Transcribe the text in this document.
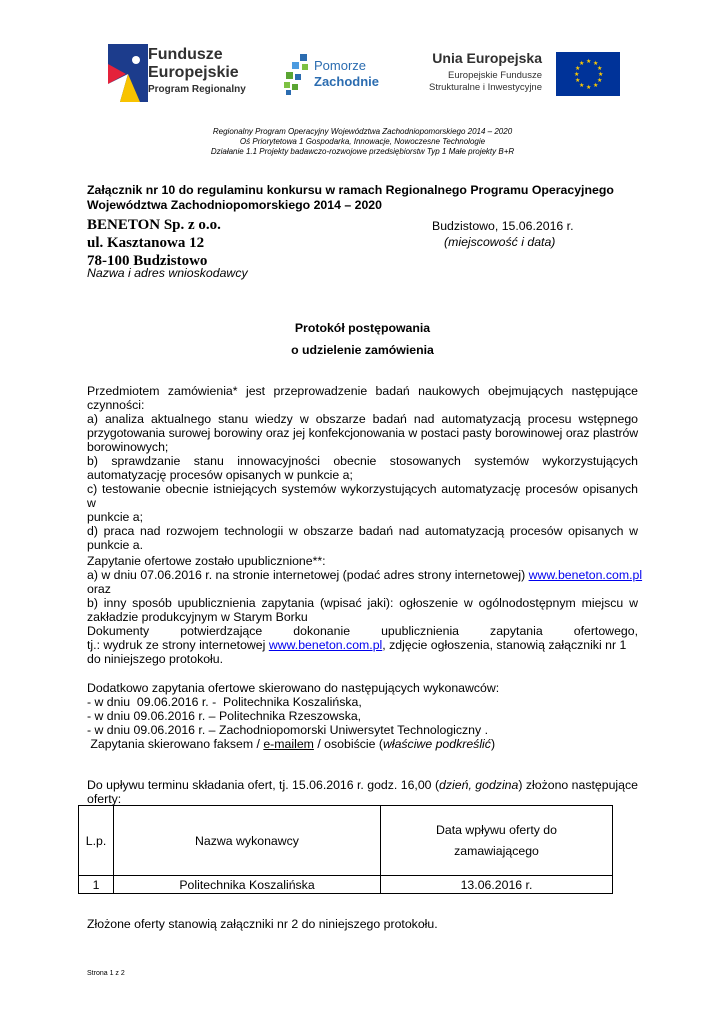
Fundusze
Europejskie
Program Regionalny
Pomorze
Zachodnie
Unia Europejska
Europejskie Fundusze
Strukturalne i Inwestycyjne
★ ★
★
★
★
★
★
★
★
★
★
★
Regionalny Program Operacyjny Województwa Zachodniopomorskiego 2014 – 2020
Oś Priorytetowa 1 Gospodarka, Innowacje, Nowoczesne Technologie
Działanie 1.1 Projekty badawczo-rozwojowe przedsiębiorstw Typ 1 Małe projekty B+R
Załącznik nr 10 do regulaminu konkursu w ramach Regionalnego Programu Operacyjnego
Województwa Zachodniopomorskiego 2014 – 2020
BENETON Sp. z o.o.
ul. Kasztanowa 12
78-100 Budzistowo
Nazwa i adres wnioskodawcy
Budzistowo, 15.06.2016 r.
(miejscowość i data)
Protokół postępowania
o udzielenie zamówienia
Przedmiotem zamówienia* jest przeprowadzenie badań naukowych obejmujących następujące
czynności:
a) analiza aktualnego stanu wiedzy w obszarze badań nad automatyzacją procesu wstępnego
przygotowania surowej borowiny oraz jej konfekcjonowania w postaci pasty borowinowej oraz plastrów
borowinowych;
b) sprawdzanie stanu innowacyjności obecnie stosowanych systemów wykorzystujących
automatyzację procesów opisanych w punkcie a;
c) testowanie obecnie istniejących systemów wykorzystujących automatyzację procesów opisanych w
punkcie a;
d) praca nad rozwojem technologii w obszarze badań nad automatyzacją procesów opisanych w
punkcie a.
Zapytanie ofertowe zostało upublicznione**:
a) w dniu 07.06.2016 r. na stronie internetowej (podać adres strony internetowej) www.beneton.com.pl
oraz
b) inny sposób upublicznienia zapytania (wpisać jaki): ogłoszenie w ogólnodostępnym miejscu w
zakładzie produkcyjnym w Starym Borku
Dokumenty potwierdzające dokonanie upublicznienia zapytania ofertowego,
tj.: wydruk ze strony internetowej www.beneton.com.pl, zdjęcie ogłoszenia, stanowią załączniki nr 1
do niniejszego protokołu.
Dodatkowo zapytania ofertowe skierowano do następujących wykonawców:
- w dniu  09.06.2016 r. -  Politechnika Koszalińska,
- w dniu 09.06.2016 r. – Politechnika Rzeszowska,
- w dniu 09.06.2016 r. – Zachodniopomorski Uniwersytet Technologiczny .
Zapytania skierowano faksem / e-mailem / osobiście (właściwe podkreślić)
Do upływu terminu składania ofert, tj. 15.06.2016 r. godz. 16,00 (dzień, godzina) złożono następujące
oferty:
L.p.	Nazwa wykonawcy	Data wpływu oferty do
zamawiającego

1	Politechnika Koszalińska	13.06.2016 r.
Złożone oferty stanowią załączniki nr 2 do niniejszego protokołu.
Strona 1 z 2
